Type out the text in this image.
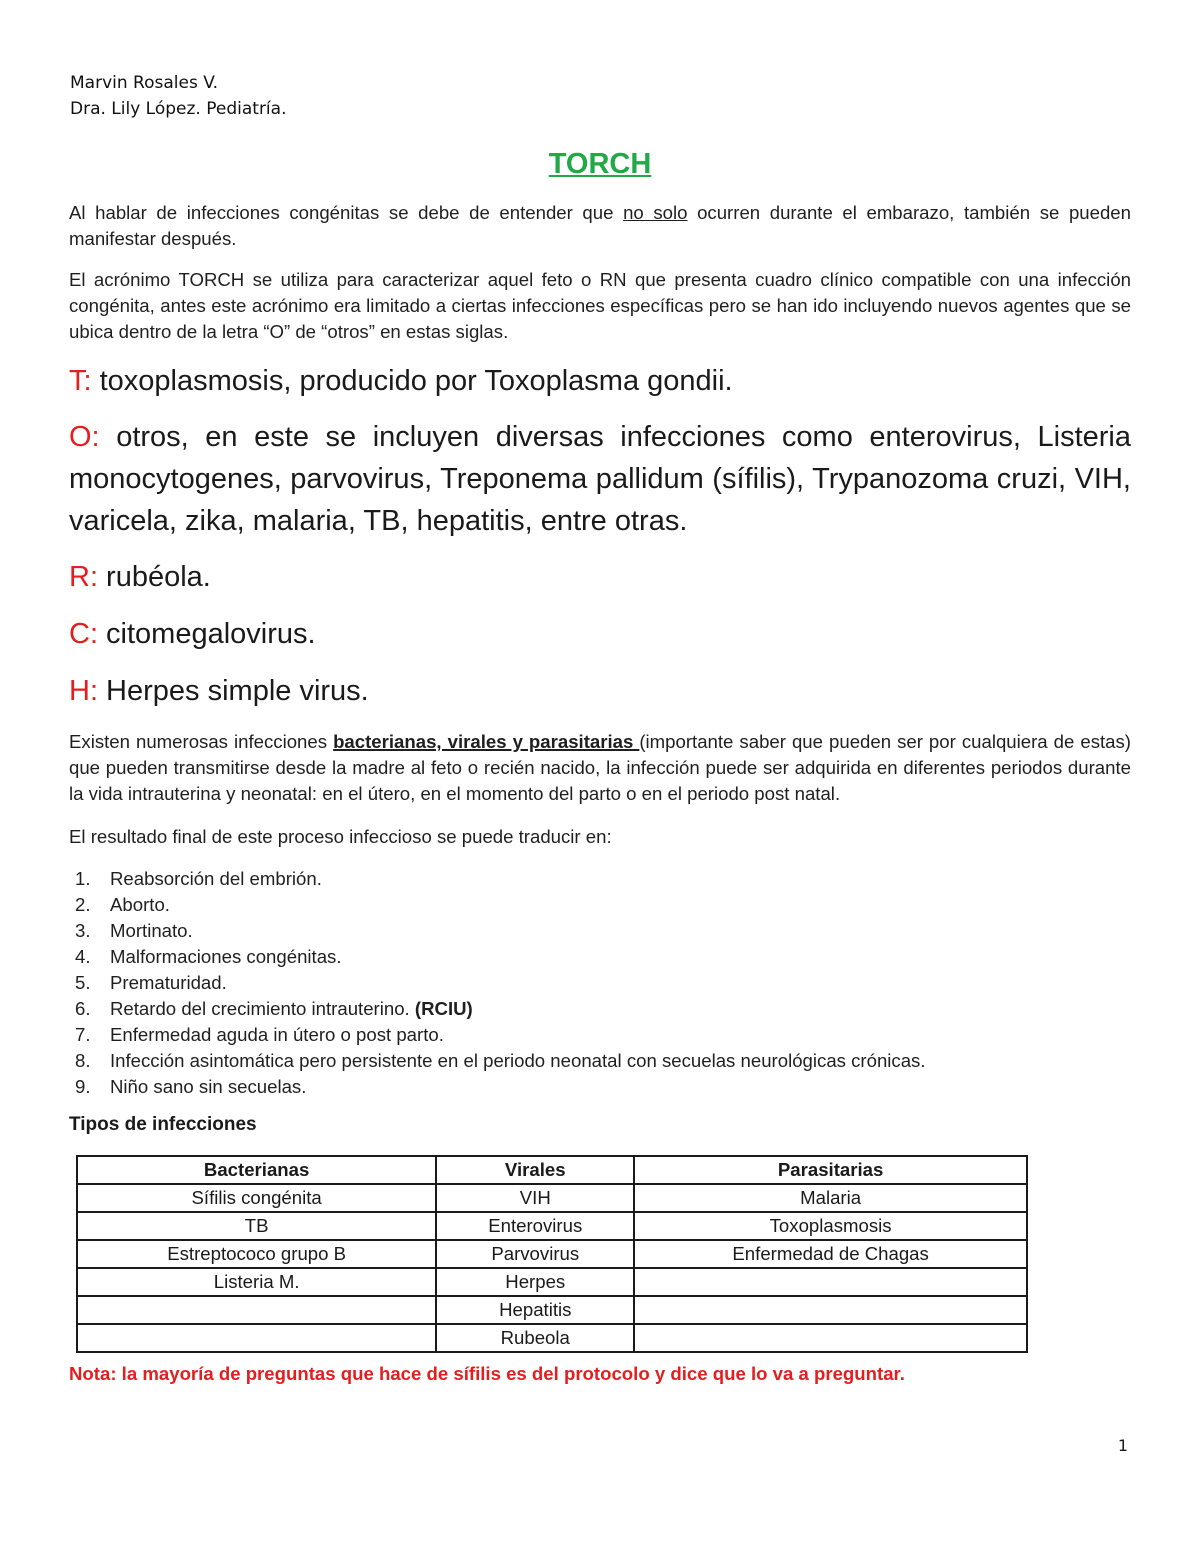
Marvin Rosales V.
Dra. Lily López. Pediatría.
TORCH
Al hablar de infecciones congénitas se debe de entender que no solo ocurren durante el embarazo, también se pueden manifestar después.
El acrónimo TORCH se utiliza para caracterizar aquel feto o RN que presenta cuadro clínico compatible con una infección congénita, antes este acrónimo era limitado a ciertas infecciones específicas pero se han ido incluyendo nuevos agentes que se ubica dentro de la letra “O” de “otros” en estas siglas.
T: toxoplasmosis, producido por Toxoplasma gondii.
O: otros, en este se incluyen diversas infecciones como enterovirus, Listeria monocytogenes, parvovirus, Treponema pallidum (sífilis), Trypanozoma cruzi, VIH, varicela, zika, malaria, TB, hepatitis, entre otras.
R: rubéola.
C: citomegalovirus.
H: Herpes simple virus.
Existen numerosas infecciones bacterianas, virales y parasitarias (importante saber que pueden ser por cualquiera de estas) que pueden transmitirse desde la madre al feto o recién nacido, la infección puede ser adquirida en diferentes periodos durante la vida intrauterina y neonatal: en el útero, en el momento del parto o en el periodo post natal.
El resultado final de este proceso infeccioso se puede traducir en:
1. Reabsorción del embrión.
2. Aborto.
3. Mortinato.
4. Malformaciones congénitas.
5. Prematuridad.
6. Retardo del crecimiento intrauterino. (RCIU)
7. Enfermedad aguda in útero o post parto.
8. Infección asintomática pero persistente en el periodo neonatal con secuelas neurológicas crónicas.
9. Niño sano sin secuelas.
Tipos de infecciones
Bacterianas	Virales	Parasitarias
Sífilis congénita	VIH	Malaria
TB	Enterovirus	Toxoplasmosis
Estreptococo grupo B	Parvovirus	Enfermedad de Chagas
Listeria M.	Herpes	
	Hepatitis	
	Rubeola	
Nota: la mayoría de preguntas que hace de sífilis es del protocolo y dice que lo va a preguntar.
1
